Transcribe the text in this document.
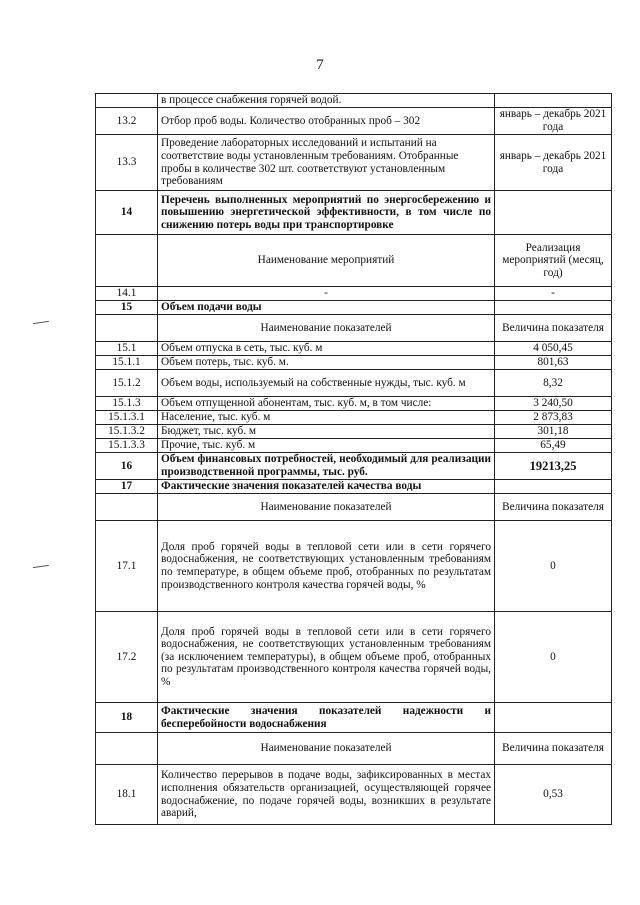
7
	в процессе снабжения горячей водой.	
13.2	Отбор проб воды. Количество отобранных проб – 302	январь – декабрь 2021 года
13.3	Проведение лабораторных исследований и испытаний на соответствие воды установленным требованиям. Отобранные пробы в количестве 302 шт. соответствуют установленным требованиям	январь – декабрь 2021 года
14	Перечень выполненных мероприятий по энергосбережению и повышению энергетической эффективности, в том числе по снижению потерь воды при транспортировке	
	Наименование мероприятий	Реализация мероприятий (месяц, год)
14.1	-	-
15	Объем подачи воды	
	Наименование показателей	Величина показателя
15.1	Объем отпуска в сеть, тыс. куб. м	4 050,45
15.1.1	Объем потерь, тыс. куб. м.	801,63
15.1.2	Объем воды, используемый на собственные нужды, тыс. куб. м	8,32
15.1.3	Объем отпущенной абонентам, тыс. куб. м, в том числе:	3 240,50
15.1.3.1	Население, тыс. куб. м	2 873,83
15.1.3.2	Бюджет, тыс. куб. м	301,18
15.1.3.3	Прочие, тыс. куб. м	65,49
16	Объем финансовых потребностей, необходимый для реализации производственной программы, тыс. руб.	19213,25
17	Фактические значения показателей качества воды	
	Наименование показателей	Величина показателя
17.1	Доля проб горячей воды в тепловой сети или в сети горячего водоснабжения, не соответствующих установленным требованиям по температуре, в общем объеме проб, отобранных по результатам производственного контроля качества горячей воды, %	0
17.2	Доля проб горячей воды в тепловой сети или в сети горячего водоснабжения, не соответствующих установленным требованиям (за исключением температуры), в общем объеме проб, отобранных по результатам производственного контроля качества горячей воды, %	0
18	Фактические значения показателей надежности и бесперебойности водоснабжения	
	Наименование показателей	Величина показателя
18.1	Количество перерывов в подаче воды, зафиксированных в местах исполнения обязательств организацией, осуществляющей горячее водоснабжение, по подаче горячей воды, возникших в результате аварий,	0,53
